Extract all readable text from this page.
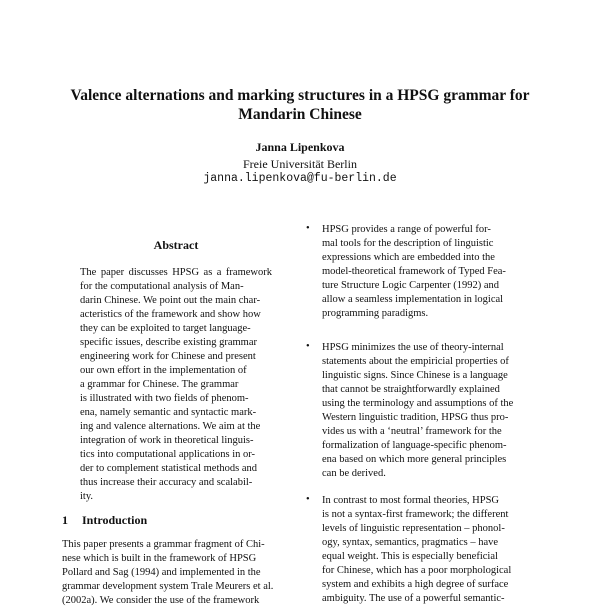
Valence alternations and marking structures in a HPSG grammar for
Mandarin Chinese
Janna Lipenkova
Freie Universität Berlin
janna.lipenkova@fu-berlin.de
Abstract
The paper discusses HPSG as a framework
for the computational analysis of Man-
darin Chinese. We point out the main char-
acteristics of the framework and show how
they can be exploited to target language-
specific issues, describe existing grammar
engineering work for Chinese and present
our own effort in the implementation of
a grammar for Chinese. The grammar
is illustrated with two fields of phenom-
ena, namely semantic and syntactic mark-
ing and valence alternations. We aim at the
integration of work in theoretical linguis-
tics into computational applications in or-
der to complement statistical methods and
thus increase their accuracy and scalabil-
ity.
1 Introduction
This paper presents a grammar fragment of Chi-
nese which is built in the framework of HPSG
Pollard and Sag (1994) and implemented in the
grammar development system Trale Meurers et al.
(2002a). We consider the use of the framework
• HPSG provides a range of powerful for-
mal tools for the description of linguistic
expressions which are embedded into the
model-theoretical framework of Typed Fea-
ture Structure Logic Carpenter (1992) and
allow a seamless implementation in logical
programming paradigms.
• HPSG minimizes the use of theory-internal
statements about the empiricial properties of
linguistic signs. Since Chinese is a language
that cannot be straightforwardly explained
using the terminology and assumptions of the
Western linguistic tradition, HPSG thus pro-
vides us with a ‘neutral’ framework for the
formalization of language-specific phenom-
ena based on which more general principles
can be derived.
• In contrast to most formal theories, HPSG
is not a syntax-first framework; the different
levels of linguistic representation – phonol-
ogy, syntax, semantics, pragmatics – have
equal weight. This is especially beneficial
for Chinese, which has a poor morphological
system and exhibits a high degree of surface
ambiguity. The use of a powerful semantic-
